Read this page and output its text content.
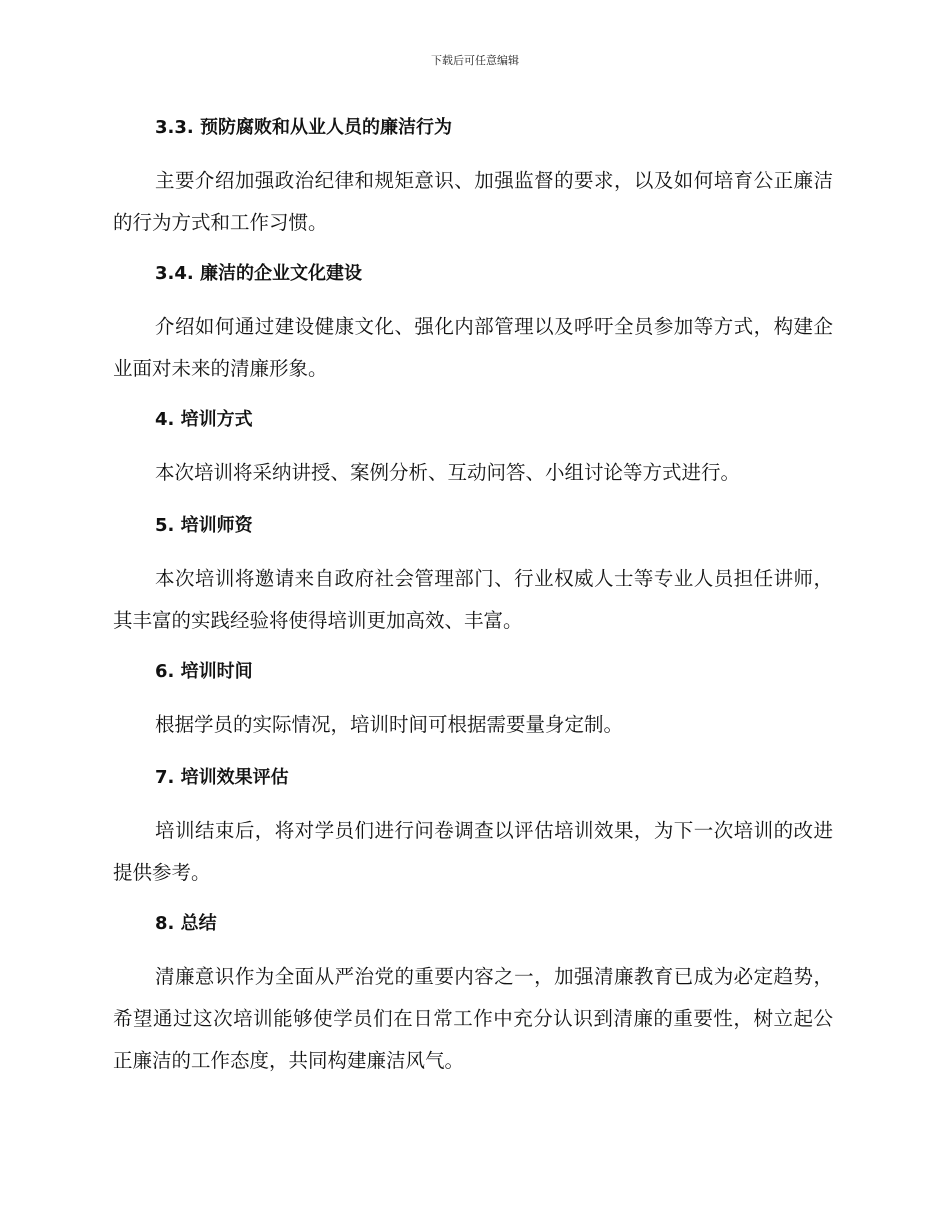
下载后可任意编辑
3.3. 预防腐败和从业人员的廉洁行为

主要介绍加强政治纪律和规矩意识、加强监督的要求，以及如何培育公正廉洁的行为方式和工作习惯。

3.4. 廉洁的企业文化建设

介绍如何通过建设健康文化、强化内部管理以及呼吁全员参加等方式，构建企业面对未来的清廉形象。

4. 培训方式

本次培训将采纳讲授、案例分析、互动问答、小组讨论等方式进行。

5. 培训师资

本次培训将邀请来自政府社会管理部门、行业权威人士等专业人员担任讲师，其丰富的实践经验将使得培训更加高效、丰富。

6. 培训时间

根据学员的实际情况，培训时间可根据需要量身定制。

7. 培训效果评估

培训结束后，将对学员们进行问卷调查以评估培训效果，为下一次培训的改进提供参考。

8. 总结

清廉意识作为全面从严治党的重要内容之一，加强清廉教育已成为必定趋势，希望通过这次培训能够使学员们在日常工作中充分认识到清廉的重要性，树立起公正廉洁的工作态度，共同构建廉洁风气。
